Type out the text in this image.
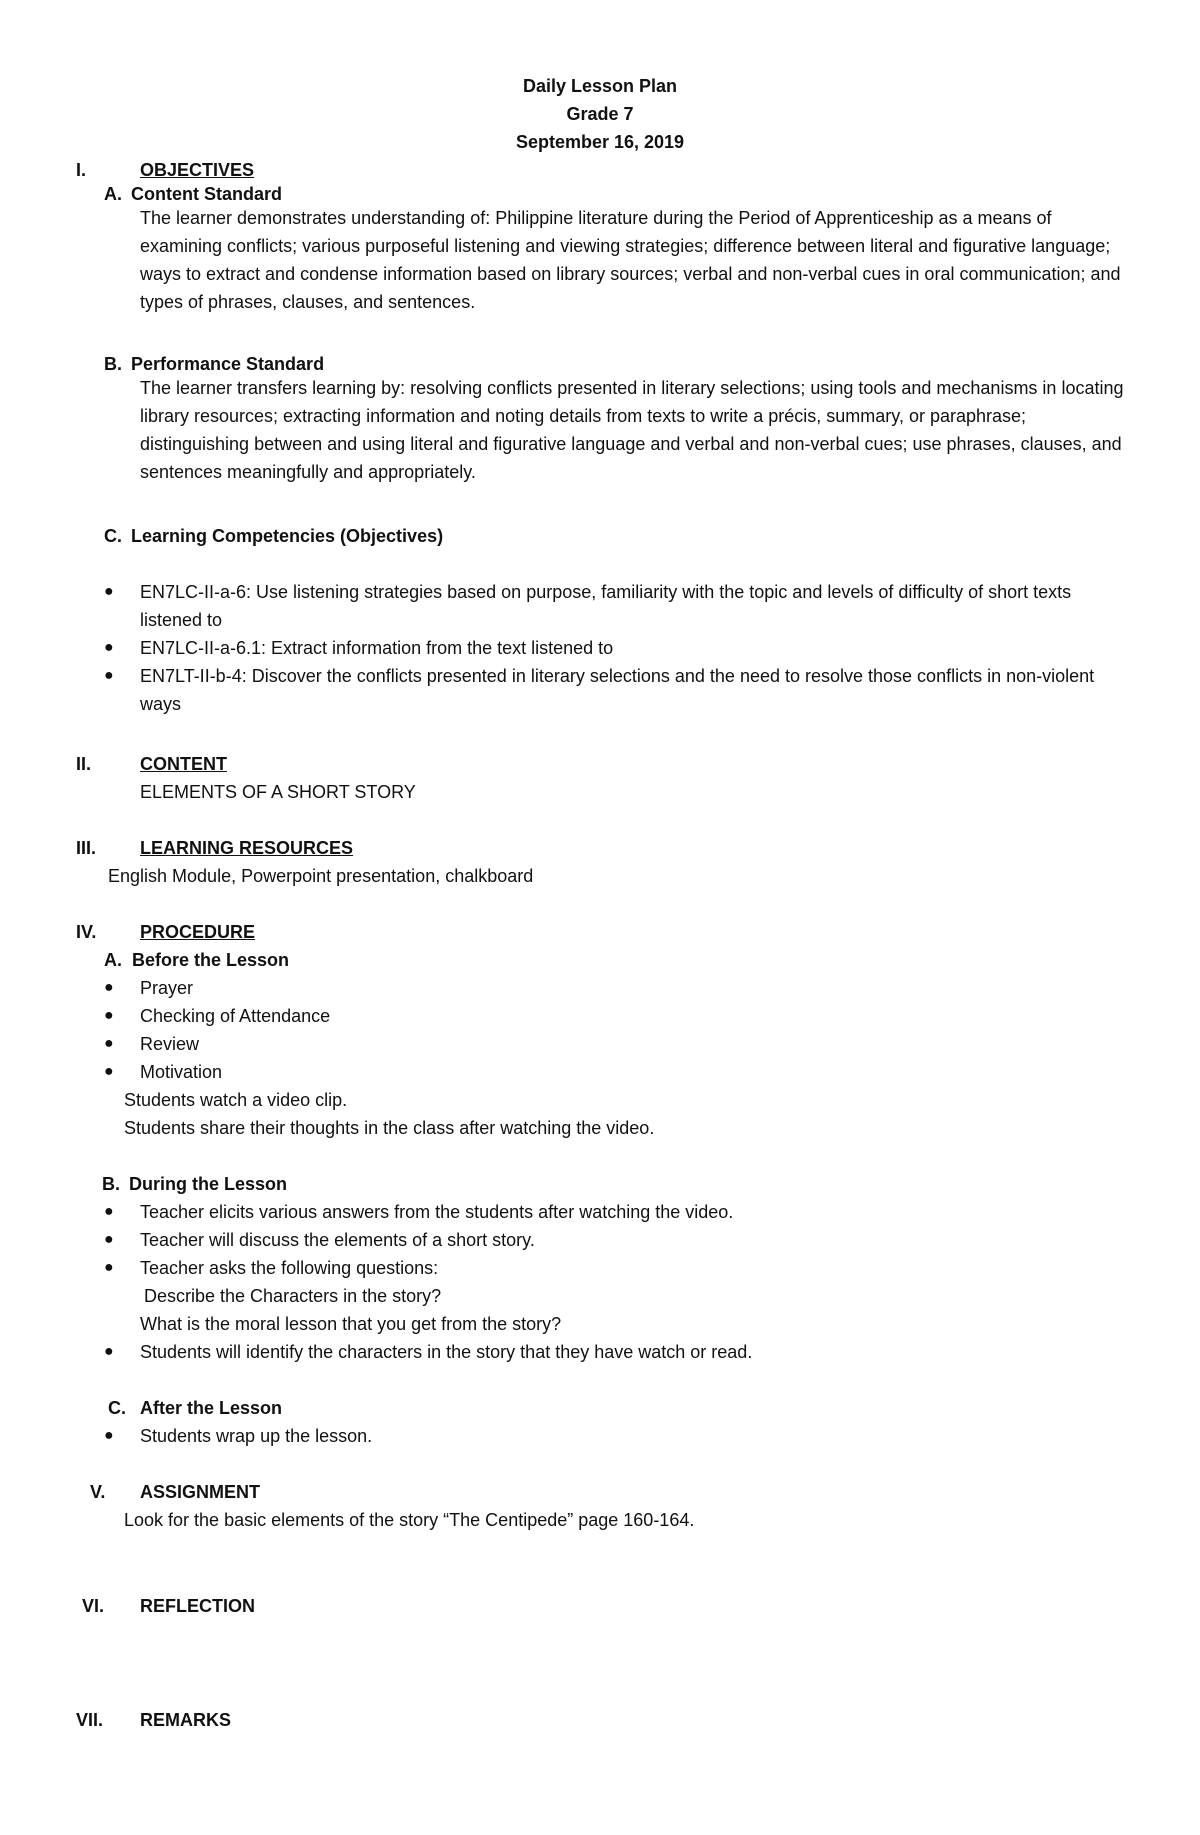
Daily Lesson Plan
Grade 7
September 16, 2019
I.	OBJECTIVES
A. Content Standard
The learner demonstrates understanding of: Philippine literature during the Period of Apprenticeship as a means of examining conflicts; various purposeful listening and viewing strategies; difference between literal and figurative language; ways to extract and condense information based on library sources; verbal and non-verbal cues in oral communication; and types of phrases, clauses, and sentences.
B. Performance Standard
The learner transfers learning by: resolving conflicts presented in literary selections; using tools and mechanisms in locating library resources; extracting information and noting details from texts to write a précis, summary, or paraphrase; distinguishing between and using literal and figurative language and verbal and non-verbal cues; use phrases, clauses, and sentences meaningfully and appropriately.
C. Learning Competencies (Objectives)
● EN7LC-II-a-6: Use listening strategies based on purpose, familiarity with the topic and levels of difficulty of short texts listened to
● EN7LC-II-a-6.1: Extract information from the text listened to
● EN7LT-II-b-4: Discover the conflicts presented in literary selections and the need to resolve those conflicts in non-violent ways
II.	CONTENT
ELEMENTS OF A SHORT STORY
III. LEARNING RESOURCES
English Module, Powerpoint presentation, chalkboard
IV. PROCEDURE
A. Before the Lesson
● Prayer
● Checking of Attendance
● Review
● Motivation
Students watch a video clip.
Students share their thoughts in the class after watching the video.
B. During the Lesson
● Teacher elicits various answers from the students after watching the video.
● Teacher will discuss the elements of a short story.
● Teacher asks the following questions:
Describe the Characters in the story?
What is the moral lesson that you get from the story?
● Students will identify the characters in the story that they have watch or read.
C. After the Lesson
● Students wrap up the lesson.
V. ASSIGNMENT
Look for the basic elements of the story “The Centipede” page 160-164.
VI. REFLECTION
VII. REMARKS
